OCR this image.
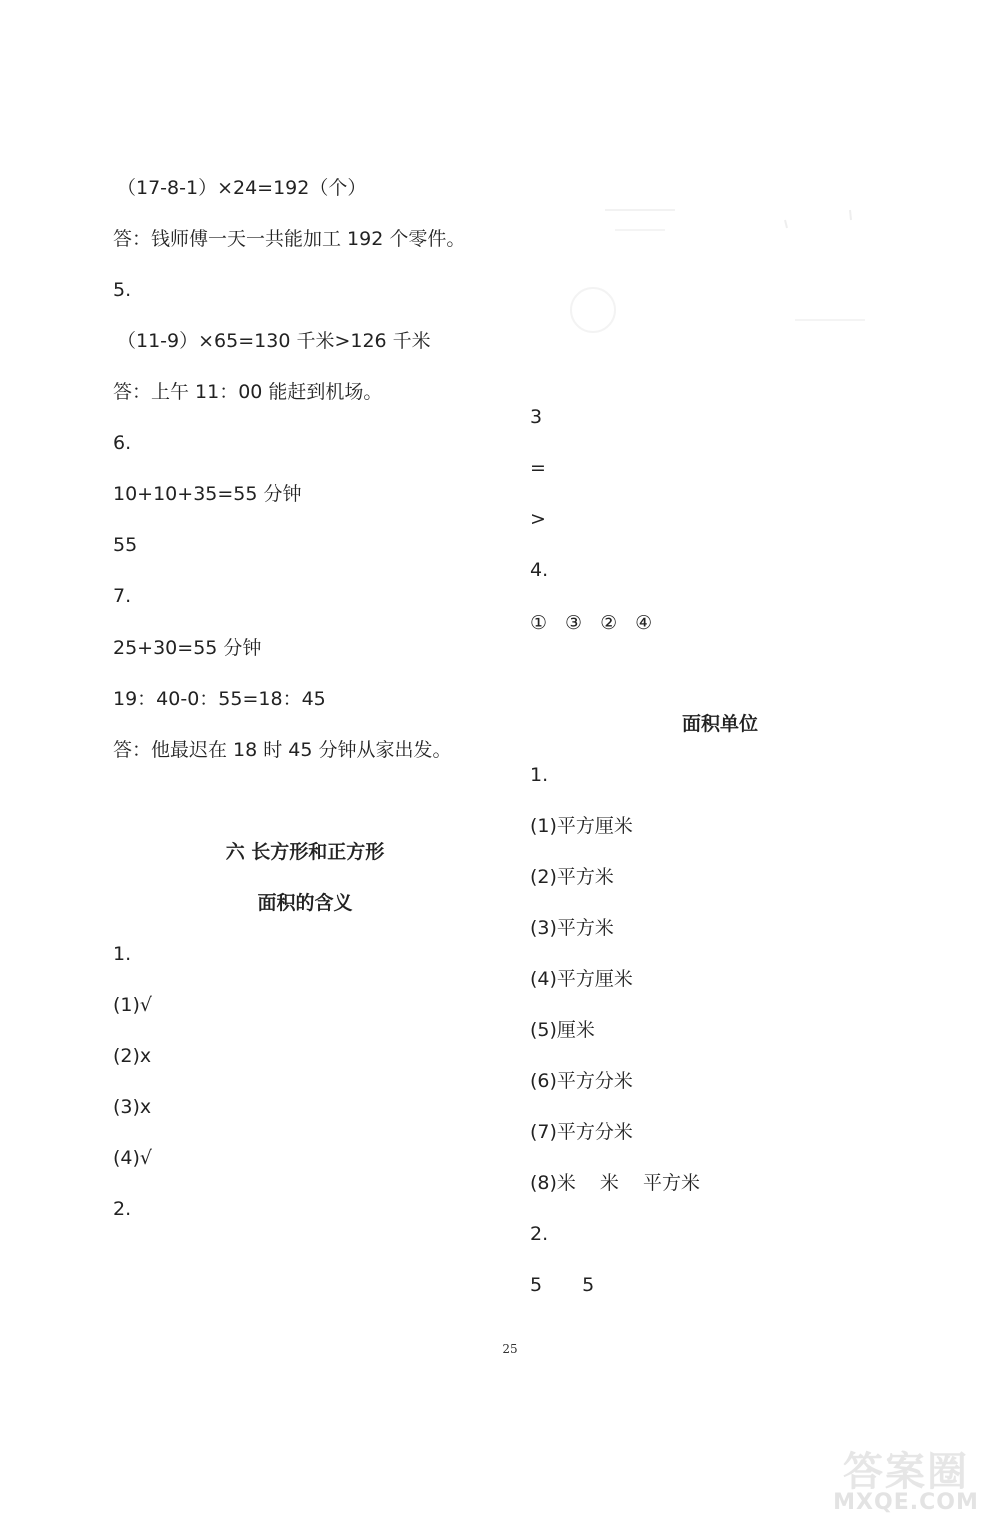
（17-8-1）×24=192（个）
答：钱师傅一天一共能加工 192 个零件。
5.
（11-9）×65=130 千米>126 千米
答：上午 11：00 能赶到机场。
6.
10+10+35=55 分钟
55
7.
25+30=55 分钟
19：40-0：55=18：45
答：他最迟在 18 时 45 分钟从家出发。
六 长方形和正方形
面积的含义
1.
(1)√
(2)x
(3)x
(4)√
2.
3
=
>
4.
① ③ ② ④
面积单位
1.
(1)平方厘米
(2)平方米
(3)平方米
(4)平方厘米
(5)厘米
(6)平方分米
(7)平方分米
(8)米 米 平方米
2.
5 5
25
答案圈
MXQE.COM
